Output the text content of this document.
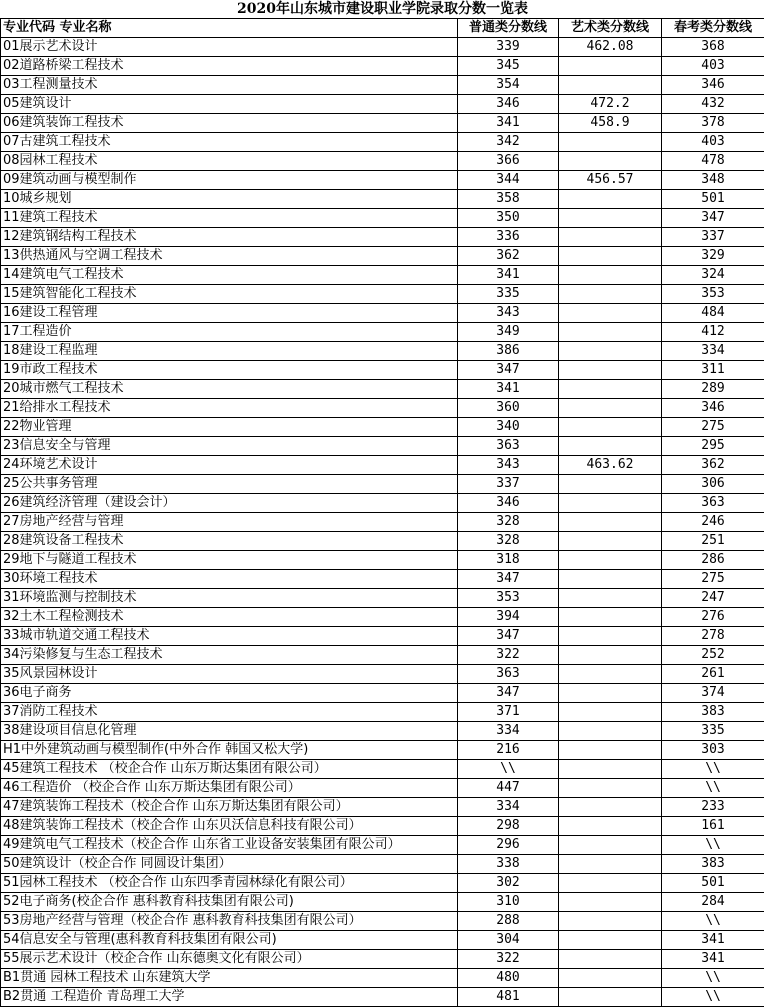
2020年山东城市建设职业学院录取分数一览表			
专业代码 专业名称	普通类分数线	艺术类分数线	春考类分数线
01展示艺术设计	339	462.08	368
02道路桥梁工程技术	345		403
03工程测量技术	354		346
05建筑设计	346	472.2	432
06建筑装饰工程技术	341	458.9	378
07古建筑工程技术	342		403
08园林工程技术	366		478
09建筑动画与模型制作	344	456.57	348
10城乡规划	358		501
11建筑工程技术	350		347
12建筑钢结构工程技术	336		337
13供热通风与空调工程技术	362		329
14建筑电气工程技术	341		324
15建筑智能化工程技术	335		353
16建设工程管理	343		484
17工程造价	349		412
18建设工程监理	386		334
19市政工程技术	347		311
20城市燃气工程技术	341		289
21给排水工程技术	360		346
22物业管理	340		275
23信息安全与管理	363		295
24环境艺术设计	343	463.62	362
25公共事务管理	337		306
26建筑经济管理（建设会计）	346		363
27房地产经营与管理	328		246
28建筑设备工程技术	328		251
29地下与隧道工程技术	318		286
30环境工程技术	347		275
31环境监测与控制技术	353		247
32土木工程检测技术	394		276
33城市轨道交通工程技术	347		278
34污染修复与生态工程技术	322		252
35风景园林设计	363		261
36电子商务	347		374
37消防工程技术	371		383
38建设项目信息化管理	334		335
H1中外建筑动画与模型制作(中外合作 韩国又松大学)	216		303
45建筑工程技术 （校企合作 山东万斯达集团有限公司）	\\		\\
46工程造价 （校企合作 山东万斯达集团有限公司）	447		\\
47建筑装饰工程技术（校企合作 山东万斯达集团有限公司）	334		233
48建筑装饰工程技术（校企合作 山东贝沃信息科技有限公司）	298		161
49建筑电气工程技术（校企合作 山东省工业设备安装集团有限公司）	296		\\
50建筑设计（校企合作 同圆设计集团）	338		383
51园林工程技术 （校企合作 山东四季青园林绿化有限公司）	302		501
52电子商务(校企合作 惠科教育科技集团有限公司)	310		284
53房地产经营与管理（校企合作 惠科教育科技集团有限公司）	288		\\
54信息安全与管理(惠科教育科技集团有限公司)	304		341
55展示艺术设计（校企合作 山东德奥文化有限公司）	322		341
B1贯通 园林工程技术 山东建筑大学	480		\\
B2贯通 工程造价 青岛理工大学	481		\\
